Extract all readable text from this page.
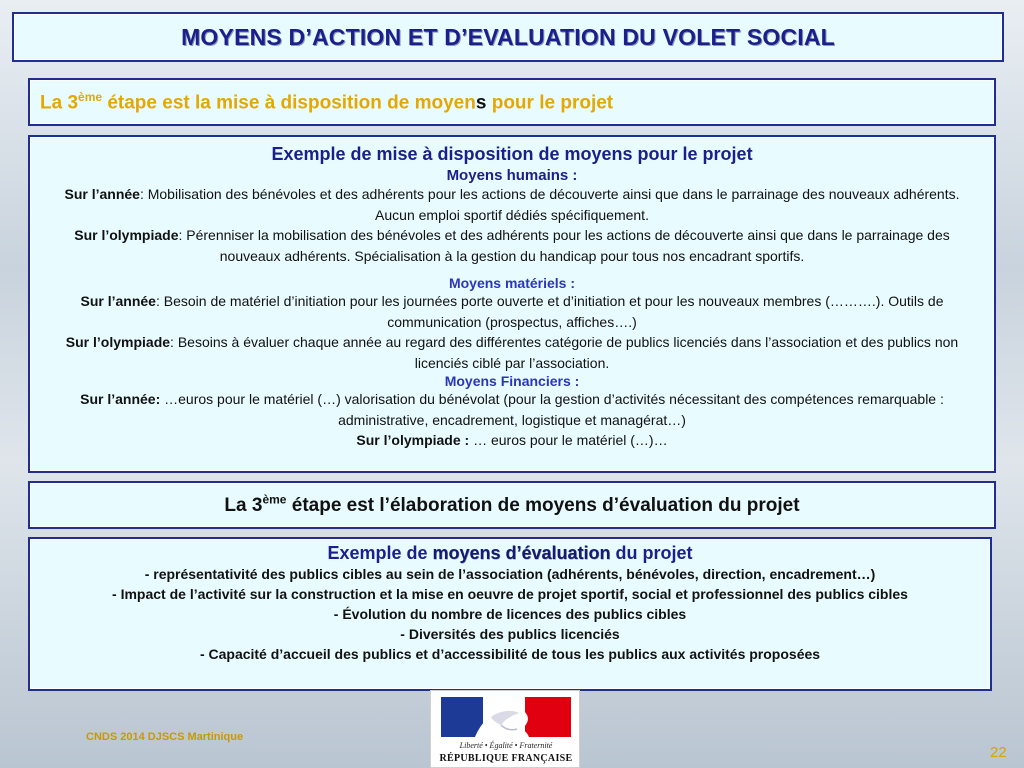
MOYENS D’ACTION ET D’EVALUATION DU VOLET SOCIAL
La 3ème étape est la mise à disposition de moyens pour le projet
Exemple de mise à disposition de moyens pour le projet
Moyens humains :
Sur l’année: Mobilisation des bénévoles et des adhérents pour les actions de découverte ainsi que dans le parrainage des nouveaux adhérents. Aucun emploi sportif dédiés spécifiquement.
Sur l’olympiade: Pérenniser la mobilisation des bénévoles et des adhérents pour les actions de découverte ainsi que dans le parrainage des nouveaux adhérents. Spécialisation à la gestion du handicap pour tous nos encadrant sportifs.
Moyens matériels :
Sur l’année: Besoin de matériel d’initiation pour les journées porte ouverte et d’initiation et pour les nouveaux membres (……….). Outils de communication (prospectus, affiches….)
Sur l’olympiade: Besoins à évaluer chaque année au regard des différentes catégorie de publics licenciés dans l’association et des publics non licenciés ciblé par l’association.
Moyens Financiers :
Sur l’année: …euros pour le matériel (…) valorisation du bénévolat (pour la gestion d’activités nécessitant des compétences remarquable : administrative, encadrement, logistique et managérat…)
Sur l’olympiade : … euros pour le matériel (…)…
La 3ème étape est l’élaboration de moyens d’évaluation du projet
Exemple de moyens d’évaluation du projet
- représentativité des publics cibles au sein de l’association (adhérents, bénévoles, direction, encadrement…)
- Impact de l’activité sur la construction et la mise en oeuvre de projet sportif, social et professionnel des publics cibles
- Évolution du nombre de licences des publics cibles
- Diversités des publics licenciés
- Capacité d’accueil des publics et d’accessibilité de tous les publics aux activités proposées
CNDS 2014 DJSCS Martinique
Liberté • Égalité • Fraternité
RÉPUBLIQUE FRANÇAISE	22
